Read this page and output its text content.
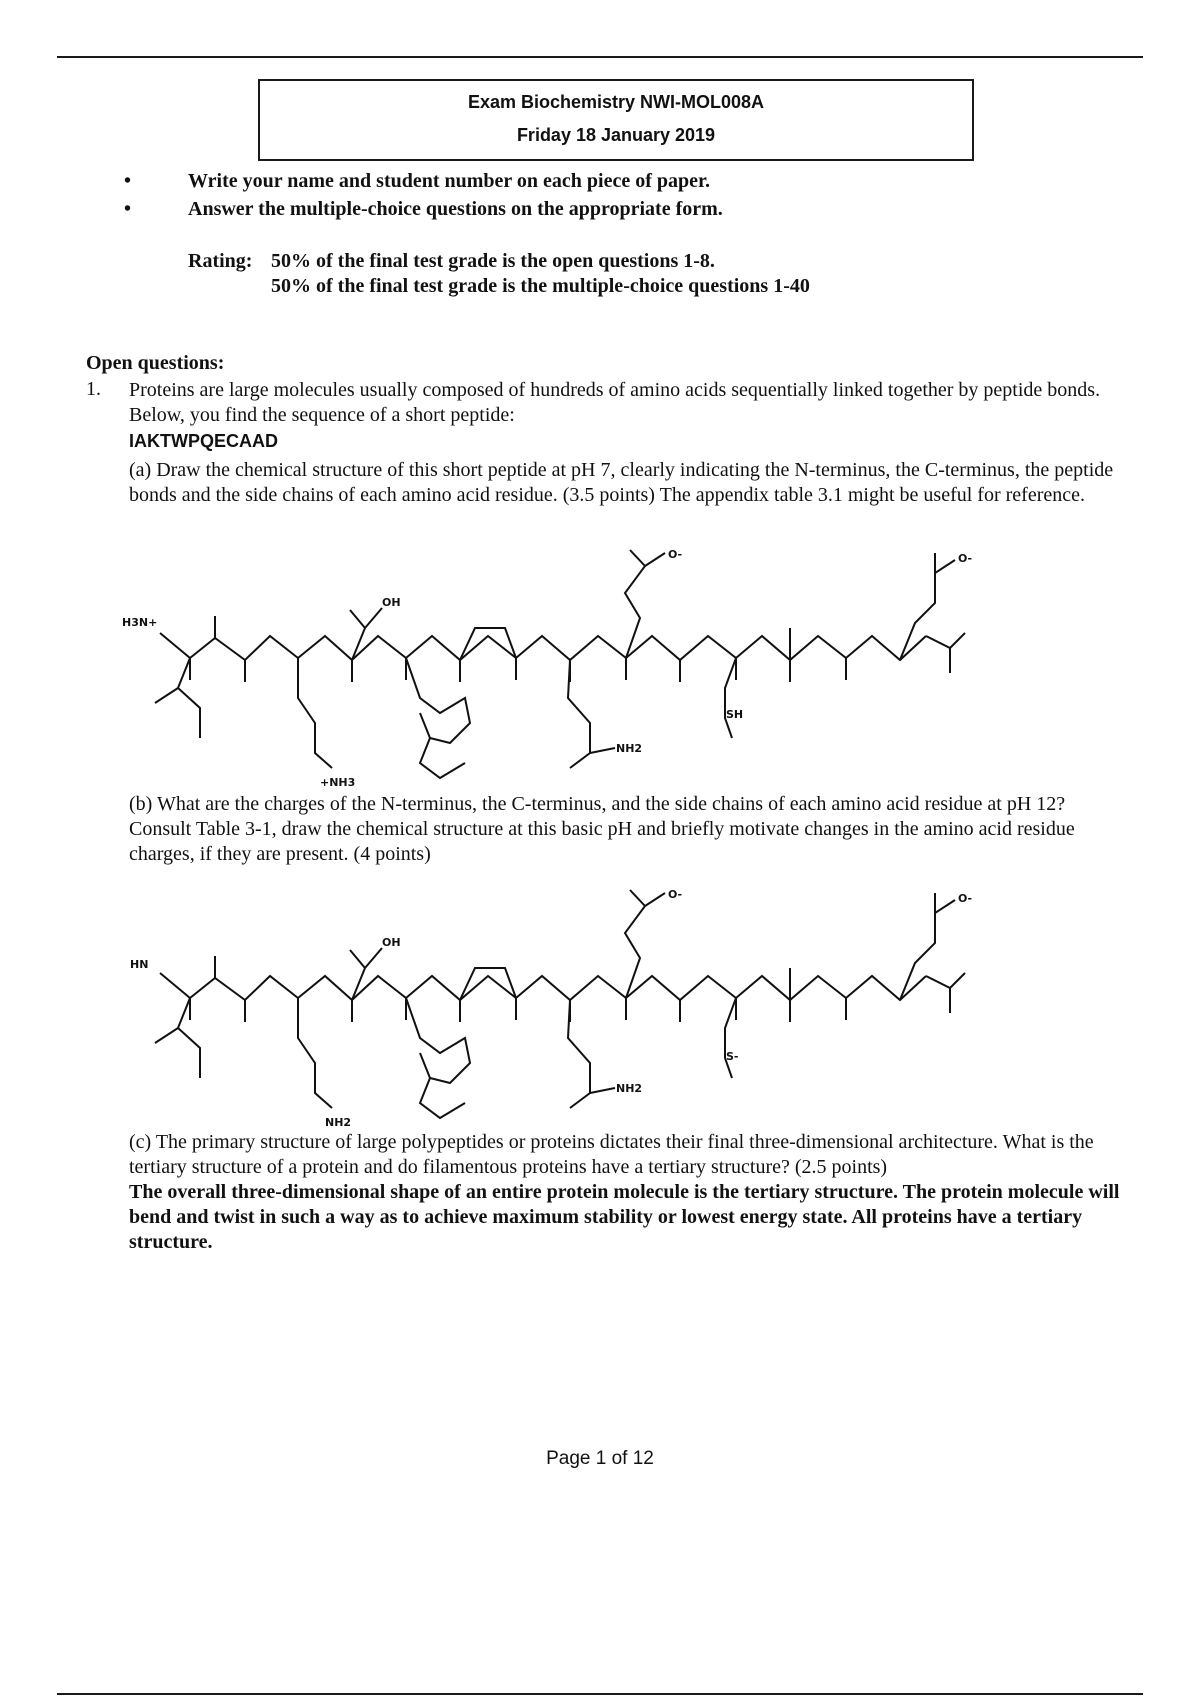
Exam Biochemistry NWI-MOL008A
Friday 18 January 2019
•	Write your name and student number on each piece of paper.
•	Answer the multiple-choice questions on the appropriate form.
Rating: 50% of the final test grade is the open questions 1-8.
50% of the final test grade is the multiple-choice questions 1-40
Open questions:
1. Proteins are large molecules usually composed of hundreds of amino acids sequentially linked together by peptide bonds. Below, you find the sequence of a short peptide:
IAKTWPQECAAD
(a) Draw the chemical structure of this short peptide at pH 7, clearly indicating the N-terminus, the C-terminus, the peptide bonds and the side chains of each amino acid residue. (3.5 points) The appendix table 3.1 might be useful for reference.
H3N+
OH
+NH3
NH2
O-
SH
O-
(b) What are the charges of the N-terminus, the C-terminus, and the side chains of each amino acid residue at pH 12? Consult Table 3-1, draw the chemical structure at this basic pH and briefly motivate changes in the amino acid residue charges, if they are present. (4 points)
HN
OH
NH2
NH2
O-
S-
O-
(c) The primary structure of large polypeptides or proteins dictates their final three-dimensional architecture. What is the tertiary structure of a protein and do filamentous proteins have a tertiary structure? (2.5 points)
The overall three-dimensional shape of an entire protein molecule is the tertiary structure. The protein molecule will bend and twist in such a way as to achieve maximum stability or lowest energy state. All proteins have a tertiary structure.
Page 1 of 12
